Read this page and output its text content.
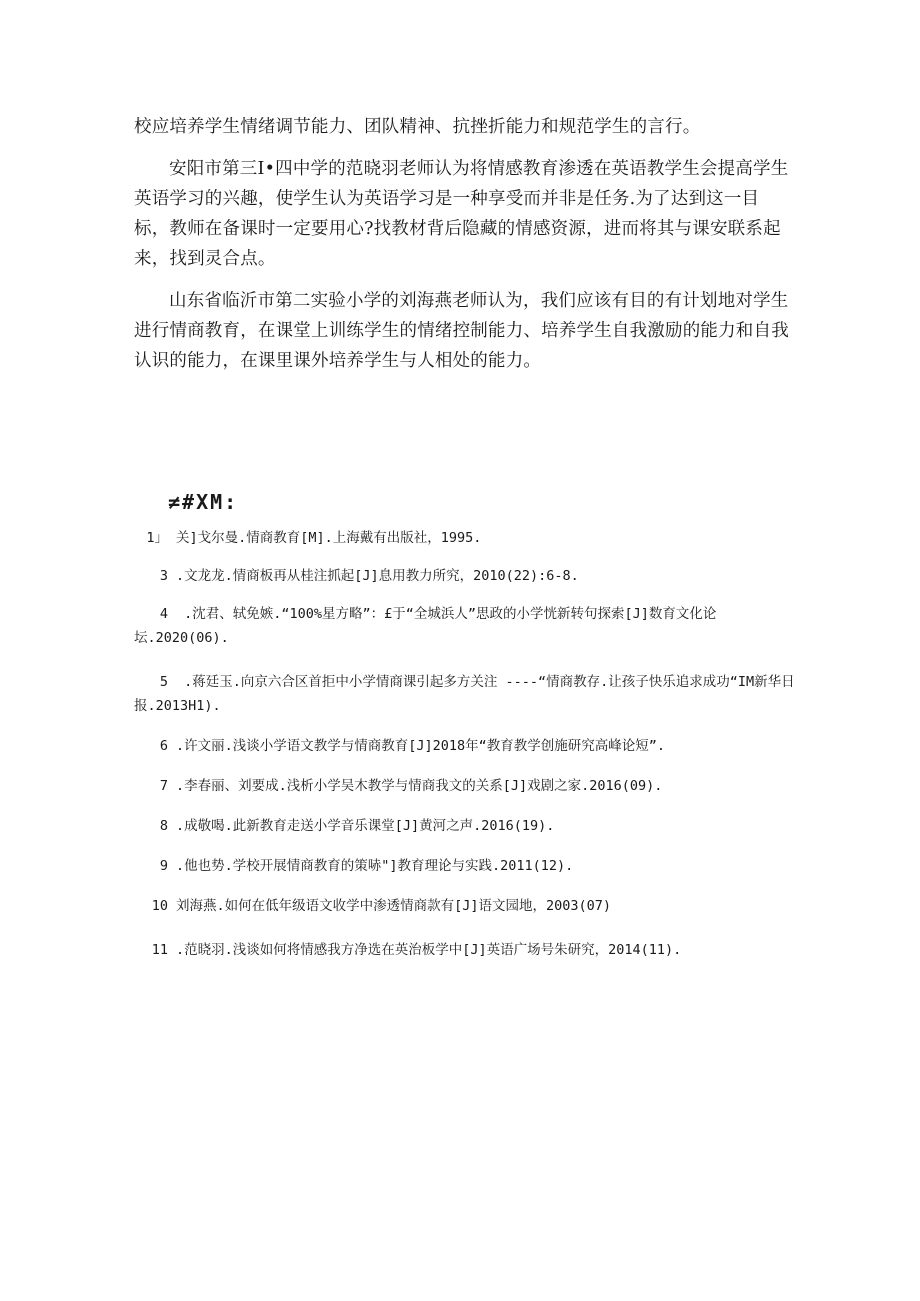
校应培养学生情绪调节能力、团队精神、抗挫折能力和规范学生的言行。

安阳市第三I•四中学的范晓羽老师认为将情感教育渗透在英语教学生会提高学生英语学习的兴趣，使学生认为英语学习是一种享受而并非是任务.为了达到这一目标，教师在备课时一定要用心?找教材背后隐藏的情感资源，进而将其与课安联系起来，找到灵合点。

山东省临沂市第二实验小学的刘海燕老师认为，我们应该有目的有计划地对学生进行情商教育，在课堂上训练学生的情绪控制能力、培养学生自我激励的能力和自我认识的能力，在课里课外培养学生与人相处的能力。

≠#XM:
1」 关]戈尔曼.情商教育[M].上海戴有出版社，1995.
3 .文龙龙.情商板再从桂注抓起[J]息用教力所究，2010(22):6-8.
4 .沈君、轼免嫉.“100%星方略”：£于“全城浜人”思政的小学恍新转句探索[J]数育文化论坛.2020(06).
5 .蒋廷玉.向京六合区首拒中小学情商课引起多方关注 ----“情商教存.让孩子快乐追求成功“IM新华日报.2013H1).
6 .许文丽.浅谈小学语文教学与情商教育[J]2018年“教育教学创施研究高峰论短”.
7 .李春丽、刘要成.浅析小学吴木教学与情商我文的关系[J]戏剧之家.2016(09).
8 .成敬喝.此新教育走送小学音乐课堂[J]黄河之声.2016(19).
9 .他也势.学校开展情商教育的策哧"]教育理论与实践.2011(12).
10 刘海燕.如何在低年级语文收学中渗透情商款有[J]语文园地，2003(07)
11 .范晓羽.浅谈如何将情感我方净选在英治板学中[J]英语广场号朱研究，2014(11).
